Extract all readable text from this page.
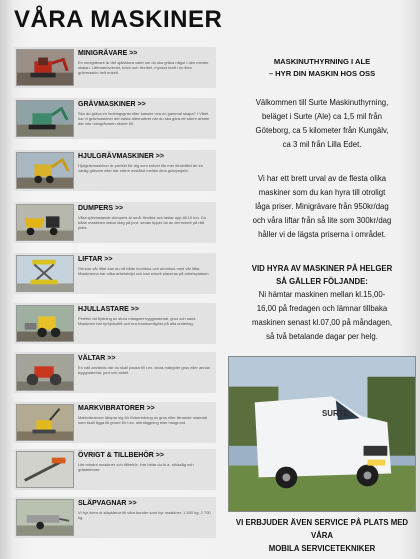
VÅRA MASKINER
MINIGRÄVARE >>
En minigrävare är det självklara valet om du ska gräva något i den mindre skalan. Lättmanövrerad, kvick och flexibel, mycket kraft i en liten grävmaskin helt enkelt.
GRÄVMASKINER >>
Ska du gräva en ledningsgrav eller kanske riva en gammal skapa? I Vibel har vi grävmaskiner det bästa alternativet när du ska göra ett större arbete där inte minigrävaren räcker till.
HJULGRÄVMASKINER >>
Hjulgrävmaskiner är perfekt för dig som kräver lite mer flexibilitet än en vanlig grävare eller har större avstånd mellan dina grävprojekt.
DUMPERS >>
Våra självlastande dumpers är små, flexibla och lastar upp till 10 ton. Du både maskinen lastar idag på jord, sedan tipper du av det enkelt på rätt plats.
LIFTAR >>
Genom vår liftar kan du nå både inomhus och utomhus med vår liftar. Maskinerna har olika arbetshöjd och kan enkelt placeras på arbetsplatsen.
HJULLASTARE >>
Perfekt vid flyttning av stora mängder byggmaterial, grus och sand. Maskinen har fyrhjulsdrift och bra framkomlighet på alla underlag.
VÄLTAR >>
En vält används när du skall packa till t.ex. stora mängder grus eller annan byggmaterial, jord och asfalt.
MARKVIBRATORER >>
Markvibratorer lämpar sig för förberedning av grus eller liknande material som skall ligga till grund för t.ex. stenläggning eller husgrund.
ÖVRIGT & TILLBEHÖR >>
Lite mindre maskiner och tillbehör. Har hittar du bl.a. sticksåg och grästrimmer.
SLÄPVAGNAR >>
Vi hyr även ut släpkärror till våra kunder som hyr maskiner. 1 500 kg, 2 700 kg.
MASKINUTHYRNING I ALE
– HYR DIN MASKIN HOS OSS
Välkommen till Surte Maskinuthyrning,
beläget i Surte (Ale) ca 1,5 mil från
Göteborg, ca 5 kilometer från Kungälv,
ca 3 mil från Lilla Edet.
Vi har ett brett urval av de flesta olika
maskiner som du kan hyra till otroligt
låga priser. Minigrävare från 950kr/dag
och våra liftar från så lite som 300kr/dag
håller vi de lägsta priserna i området.
VID HYRA AV MASKINER PÅ HELGER
SÅ GÄLLER FÖLJANDE:
Ni hämtar maskinen mellan kl.15,00-
16,00 på fredagen och lämnar tillbaka
maskinen senast kl.07,00 på måndagen,
så två betalande dagar per helg.
SURTE
VI ERBJUDER ÄVEN SERVICE PÅ PLATS MED VÅRA
MOBILA SERVICETEKNIKER
